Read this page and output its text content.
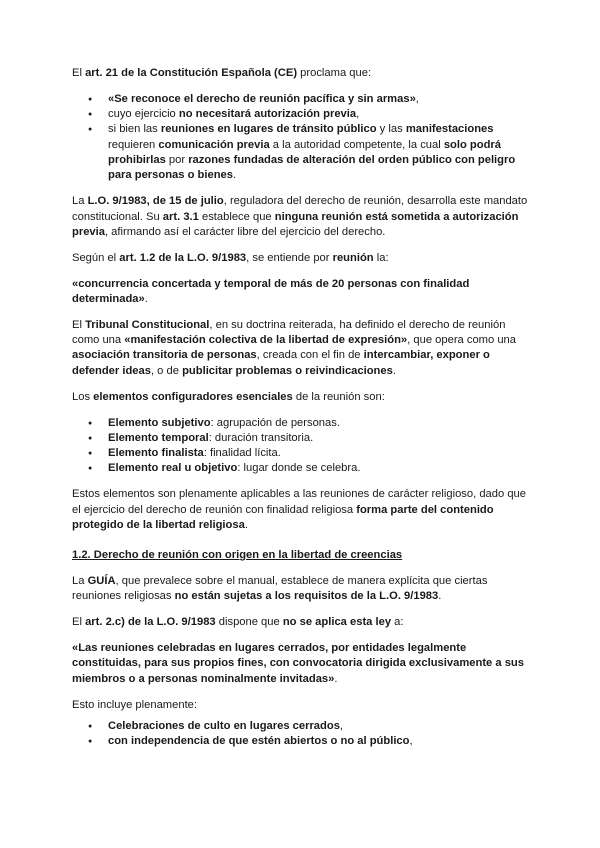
El art. 21 de la Constitución Española (CE) proclama que:

● «Se reconoce el derecho de reunión pacífica y sin armas»,
● cuyo ejercicio no necesitará autorización previa,
● si bien las reuniones en lugares de tránsito público y las manifestaciones requieren comunicación previa a la autoridad competente, la cual solo podrá prohibirlas por razones fundadas de alteración del orden público con peligro para personas o bienes.

La L.O. 9/1983, de 15 de julio, reguladora del derecho de reunión, desarrolla este mandato constitucional. Su art. 3.1 establece que ninguna reunión está sometida a autorización previa, afirmando así el carácter libre del ejercicio del derecho.

Según el art. 1.2 de la L.O. 9/1983, se entiende por reunión la:

«concurrencia concertada y temporal de más de 20 personas con finalidad determinada».

El Tribunal Constitucional, en su doctrina reiterada, ha definido el derecho de reunión como una «manifestación colectiva de la libertad de expresión», que opera como una asociación transitoria de personas, creada con el fin de intercambiar, exponer o defender ideas, o de publicitar problemas o reivindicaciones.

Los elementos configuradores esenciales de la reunión son:

● Elemento subjetivo: agrupación de personas.
● Elemento temporal: duración transitoria.
● Elemento finalista: finalidad lícita.
● Elemento real u objetivo: lugar donde se celebra.

Estos elementos son plenamente aplicables a las reuniones de carácter religioso, dado que el ejercicio del derecho de reunión con finalidad religiosa forma parte del contenido protegido de la libertad religiosa.

1.2. Derecho de reunión con origen en la libertad de creencias

La GUÍA, que prevalece sobre el manual, establece de manera explícita que ciertas reuniones religiosas no están sujetas a los requisitos de la L.O. 9/1983.

El art. 2.c) de la L.O. 9/1983 dispone que no se aplica esta ley a:

«Las reuniones celebradas en lugares cerrados, por entidades legalmente constituidas, para sus propios fines, con convocatoria dirigida exclusivamente a sus miembros o a personas nominalmente invitadas».

Esto incluye plenamente:

● Celebraciones de culto en lugares cerrados,
● con independencia de que estén abiertos o no al público,
